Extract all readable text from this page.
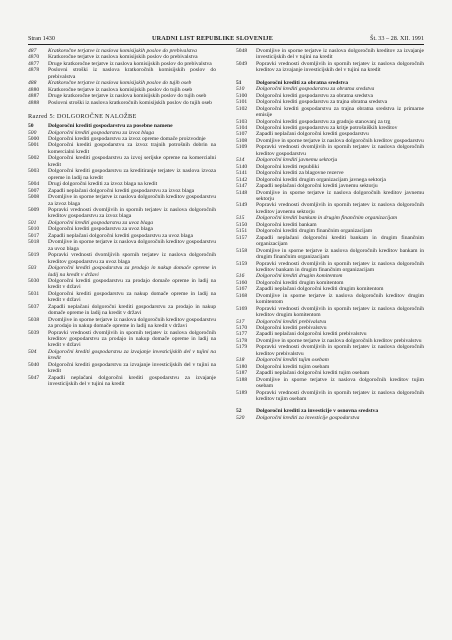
Stran 1430	URADNI LIST REPUBLIKE SLOVENIJE	Št. 33 – 28. XII. 1991
487	Kratkoročne terjatve iz naslova komisijskih poslov do prebivalstva
4870	Kratkoročne terjatve iz naslova komisijskih poslov do prebivalstva
4877	Druge kratkoročne terjatve iz naslova komisijskih poslov do prebivalstva
4878	Poslovni stroški iz naslova kratkoročnih komisijskih poslov do prebivalstva
488	Kratkoročne terjatve iz naslova komisijskih poslov do tujih oseb
4880	Kratkoročne terjatve iz naslova komisijskih poslov do tujih oseb
4887	Druge kratkoročne terjatve iz naslova komisijskih poslov do tujih oseb
4888	Poslovni stroški iz naslova kratkoročnih komisijskih poslov do tujih oseb
Razred 5: DOLGOROČNE NALOŽBE
50	Dolgoročni krediti gospodarstvu za posebne namene
500	Dolgoročni krediti gospodarstvu za izvoz blaga
5000	Dolgoročni krediti gospodarstvu za izvoz opreme domače proizvodnje
5001	Dolgoročni krediti gospodarstvu za izvoz trajnih potrošnih dobrin na komercialni kredit
5002	Dolgoročni krediti gospodarstvu za izvoj serijske opreme na komercialni kredit
5003	Dolgoročni krediti gospodarstvu za kreditiranje terjatev iz naslova izvoza opreme in ladij na kredit
5004	Drugi dolgoročni krediti za izvoz blaga na kredit
5007	Zapadli neplačani dolgoročni krediti gospodarstvu za izvoz blaga
5008	Dvomljive in sporne terjatve iz naslova dolgoročnih kreditov gospodarstvu za izvoz blaga
5009	Popravki vrednosti dvomljivih in spornih terjatev iz naslova dolgoročnih kreditov gospodarstvu za izvoz blaga
501	Dolgoročni krediti gospodarstvu za uvoz blaga
5010	Dolgoročni krediti gospodarstvu za uvoz blaga
5017	Zapadli neplačani dolgoročni krediti gospodarstvu za uvoz blaga
5018	Dvomljive in sporne terjatve iz naslova dolgoročnih kreditov gospodarstvu za uvoz blaga
5019	Popravki vrednosti dvomljivih spornih terjatev iz naslova dolgoročnih kreditov gospodarstvu za uvoz blaga
503	Dolgoročni krediti gospodarstvu za prodajo in nakup domače opreme in ladij na kredit v državi
5030	Dolgoročni krediti gospodarstvu za prodajo domače opreme in ladij na kredit v državi
5031	Dolgoročni krediti gospodarstvu za nakup domače opreme in ladij na kredit v državi
5037	Zapadli neplačani dolgoročni krediti gospodarstvu za prodajo in nakup domače opreme in ladij na kredit v državi
5038	Dvomljive in sporne terjatve iz naslova dolgoročnih kreditov gospodarstvu za prodajo in nakup domače opreme in ladij na kredit v državi
5039	Popravki vrednosti dvomljivih in spornih terjatev iz naslova dolgoročnih kreditov gospodarstvu za prodajo in nakup domače opreme in ladij na kredit v državi
504	Dolgoročni krediti gospodarstvu za izvajanje investicijskih del v tujini na kredit
5040	Dolgoročni krediti gospodarstvu za izvajanje investicijskih del v tujini na kredit
5047	Zapadli neplačani dolgoročni krediti gospodarstvu za izvajanje investicijskih del v tujini na kredit
5048	Dvomljive in sporne terjatve iz naslova dolgoročnih kreditov za izvajanje investicijskih del v tujini na kredit
5049	Popravki vrednosti dvomljivih in spornih terjatev iz naslova dolgoročnih kreditov za izvajanje investicijskih del v tujini na kredit
51	Dolgoročni krediti za obratna sredstva
510	Dolgoročni krediti gospodarstvu za obratna sredstva
5100	Dolgoročni krediti gospodarstvu za obratna sredstva
5101	Dolgoročni krediti gospodarstvu za trajna obratna sredstva
5102	Dolgoročni krediti gospodarstvu za trajna obratna sredstva iz primarne emisije
5103	Dolgoročni krediti gospodarstvu za gradnjo stanovanj za trg
5104	Dolgoročni krediti gospodarstvu za kritje potrošniških kreditov
5107	Zapadli neplačani dolgoročni krediti gospodarstvu
5108	Dvomljive in sporne terjatve iz naslova dolgoročnih kreditov gospodarstvu
5109	Popravki vrednosti dvomljivih in spornih terjatev iz naslova dolgoročnih kreditov gospodarstvu
514	Dolgoročni krediti javnemu sektorju
5140	Dolgoročni krediti republiki
5141	Dolgoročni krediti za blagovne rezerve
5142	Dolgoročni krediti drugim organizacijam javnega sektorja
5147	Zapadli neplačani dolgoročni krediti javnemu sektorju
5148	Dvomljive in sporne terjatve iz naslova dolgoročnih kreditov javnemu sektorju
5149	Popravki vrednosti dvomljivih in spornih terjatev iz naslova dolgoročnih kreditov javnemu sektorju
515	Dolgoročni krediti bankam in drugim finančnim organizacijam
5150	Dolgoročni krediti bankam
5151	Dolgoročni krediti drugim finančnim organizacijam
5157	Zapadli neplačani dolgoročni krediti bankam in drugim finančnim organizacijam
5158	Dvomljive in sporne terjatve iz naslova dolgoročnih kreditov bankam in drugim finančnim organizacijam
5159	Popravki vrednosti dvomljivih in spornih terjatev iz naslova dolgoročnih kreditov bankam in drugim finančnim organizacijam
516	Dolgoročni krediti drugim komitentom
5160	Dolgoročni krediti drugim komitentom
5167	Zapadli neplačani dolgoročni krediti drugim komitentom
5168	Dvomljive in sporne terjatve iz naslova dolgoročnih kreditov drugim komitentom
5169	Popravki vrednosti dvomljivih in spornih terjatev iz naslova dolgoročnih kreditov drugim komitentom
517	Dolgoročni krediti prebivalstvu
5170	Dolgoročni krediti prebivalstvu
5177	Zapadli neplačani dolgoročni krediti prebivalstvu
5178	Dvomljive in sporne terjatve iz naslova dolgoročnih kreditov prebivalstvu
5179	Popravki vrednosti dvomljivih in spornih terjatev iz naslova dolgoročnih kreditov prebivalstvu
518	Dolgoročni krediti tujim osebam
5180	Dolgoročni krediti tujim osebam
5187	Zapadli neplačani dolgoročni krediti tujim osebam
5188	Dvomljive in sporne terjatve iz naslova dolgoročnih kreditov tujim osebam
5189	Popravki vrednosti dvomljivih in spornih terjatev iz naslova dolgoročnih kreditov tujim osebam
52	Dolgoročni krediti za investicije v osnovna sredstva
520	Dolgoročni krediti za investicije gospodarstva
